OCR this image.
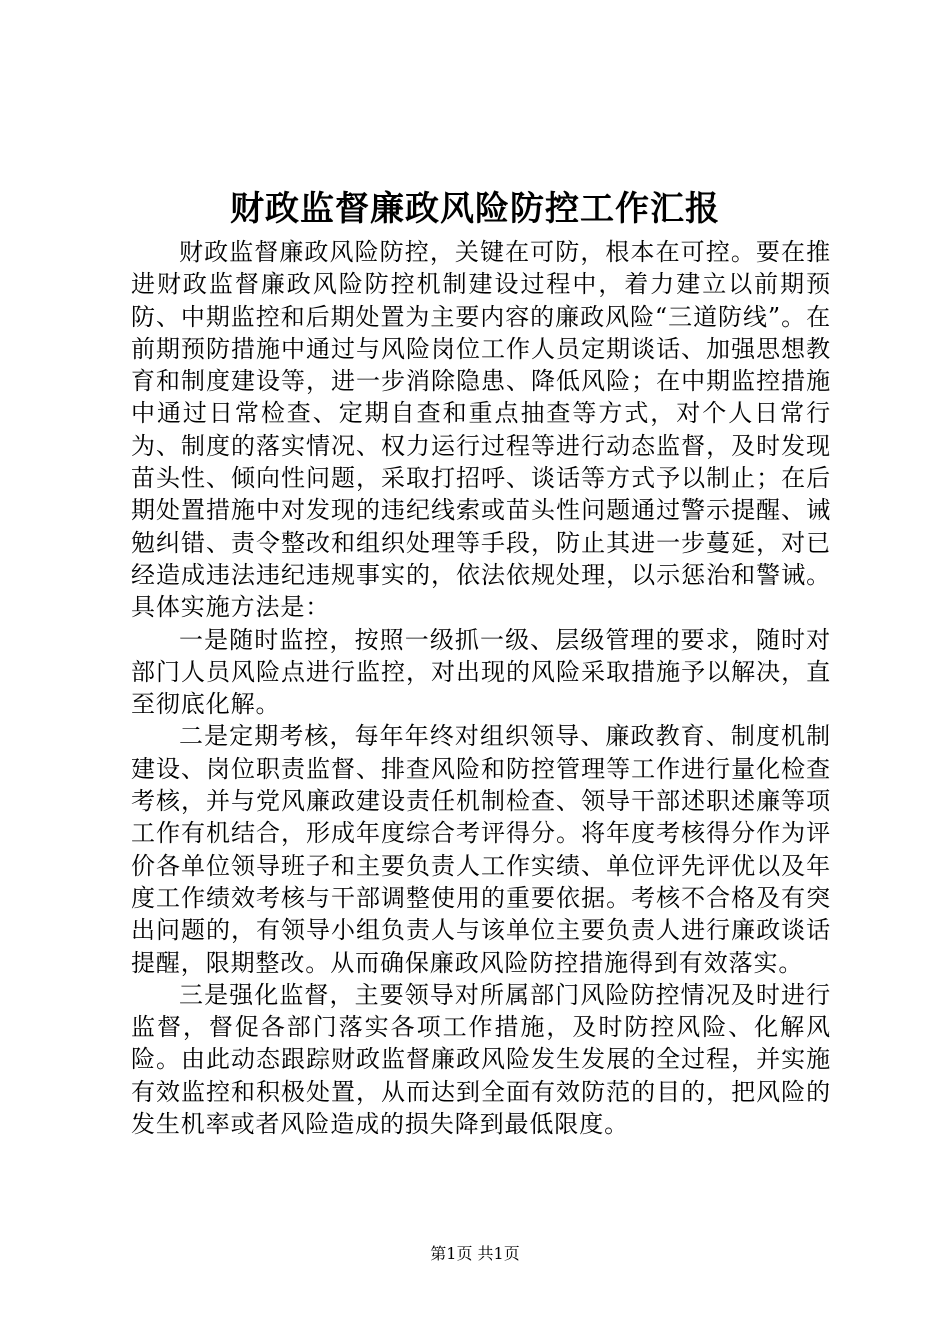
财政监督廉政风险防控工作汇报

财政监督廉政风险防控，关键在可防，根本在可控。要在推进财政监督廉政风险防控机制建设过程中，着力建立以前期预防、中期监控和后期处置为主要内容的廉政风险“三道防线”。在前期预防措施中通过与风险岗位工作人员定期谈话、加强思想教育和制度建设等，进一步消除隐患、降低风险；在中期监控措施中通过日常检查、定期自查和重点抽查等方式，对个人日常行为、制度的落实情况、权力运行过程等进行动态监督，及时发现苗头性、倾向性问题，采取打招呼、谈话等方式予以制止；在后期处置措施中对发现的违纪线索或苗头性问题通过警示提醒、诫勉纠错、责令整改和组织处理等手段，防止其进一步蔓延，对已经造成违法违纪违规事实的，依法依规处理，以示惩治和警诫。具体实施方法是：

一是随时监控，按照一级抓一级、层级管理的要求，随时对部门人员风险点进行监控，对出现的风险采取措施予以解决，直至彻底化解。

二是定期考核，每年年终对组织领导、廉政教育、制度机制建设、岗位职责监督、排查风险和防控管理等工作进行量化检查考核，并与党风廉政建设责任机制检查、领导干部述职述廉等项工作有机结合，形成年度综合考评得分。将年度考核得分作为评价各单位领导班子和主要负责人工作实绩、单位评先评优以及年度工作绩效考核与干部调整使用的重要依据。考核不合格及有突出问题的，有领导小组负责人与该单位主要负责人进行廉政谈话提醒，限期整改。从而确保廉政风险防控措施得到有效落实。

三是强化监督，主要领导对所属部门风险防控情况及时进行监督，督促各部门落实各项工作措施，及时防控风险、化解风险。由此动态跟踪财政监督廉政风险发生发展的全过程，并实施有效监控和积极处置，从而达到全面有效防范的目的，把风险的发生机率或者风险造成的损失降到最低限度。

第1页 共1页
